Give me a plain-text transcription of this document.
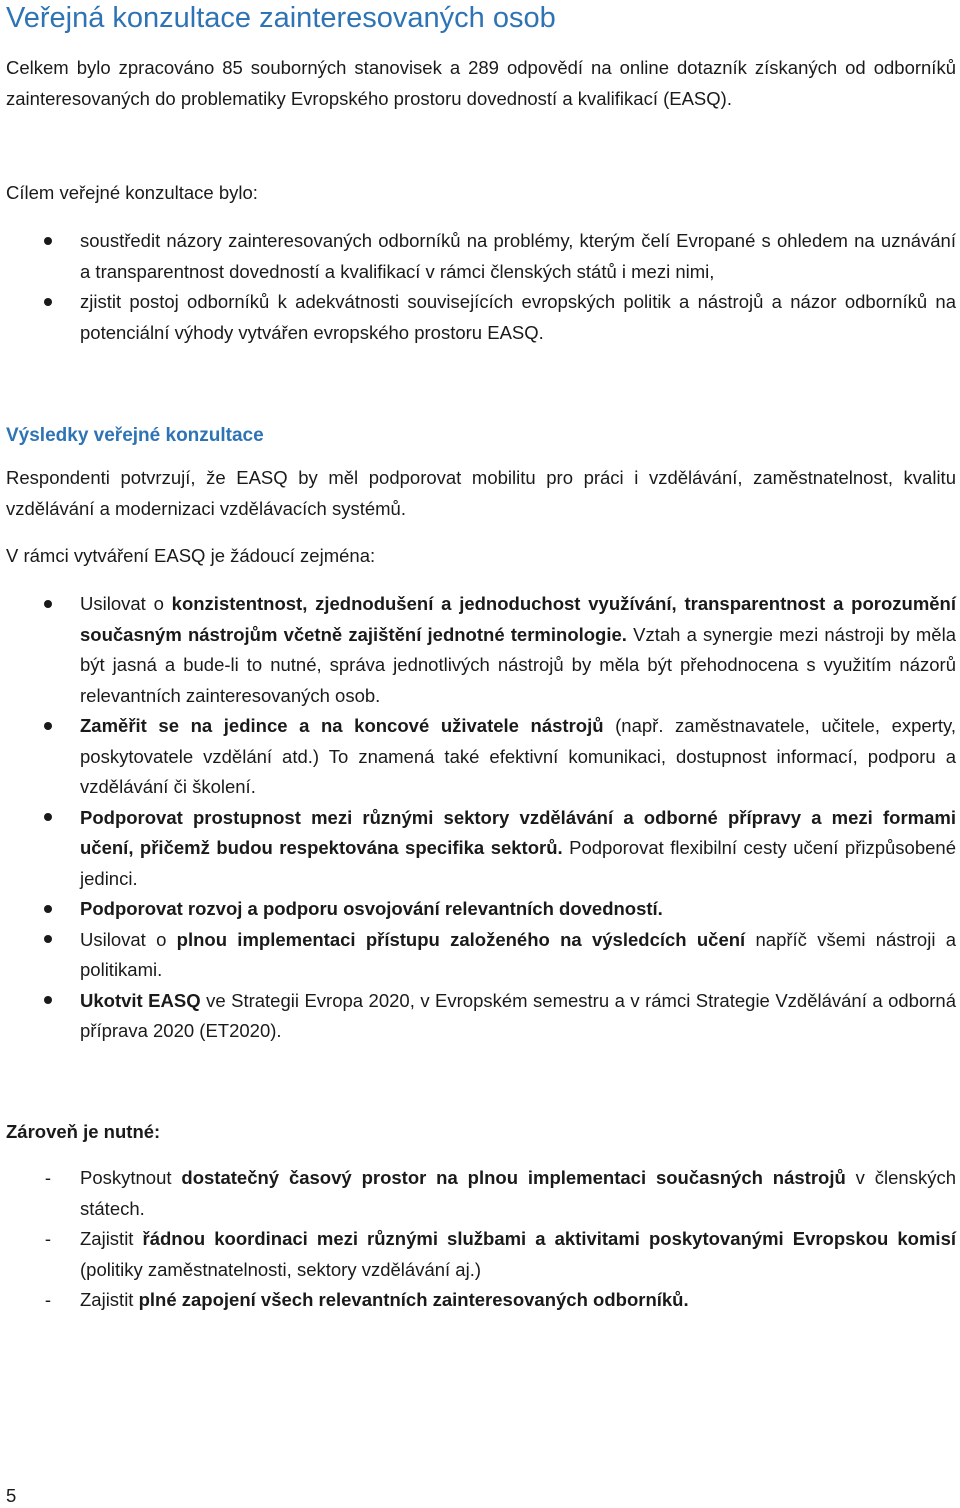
Veřejná konzultace zainteresovaných osob

Celkem bylo zpracováno 85 souborných stanovisek a 289 odpovědí na online dotazník získaných od odborníků zainteresovaných do problematiky Evropského prostoru dovedností a kvalifikací (EASQ).

Cílem veřejné konzultace bylo:

soustředit názory zainteresovaných odborníků na problémy, kterým čelí Evropané s ohledem na uznávání a transparentnost dovedností a kvalifikací v rámci členských států i mezi nimi,
zjistit postoj odborníků k adekvátnosti souvisejících evropských politik a nástrojů a názor odborníků na potenciální výhody vytvářen evropského prostoru EASQ.
Výsledky veřejné konzultace

Respondenti potvrzují, že EASQ by měl podporovat mobilitu pro práci i vzdělávání, zaměstnatelnost, kvalitu vzdělávání a modernizaci vzdělávacích systémů.

V rámci vytváření EASQ je žádoucí zejména:

Usilovat o konzistentnost, zjednodušení a jednoduchost využívání, transparentnost a porozumění současným nástrojům včetně zajištění jednotné terminologie. Vztah a synergie mezi nástroji by měla být jasná a bude-li to nutné, správa jednotlivých nástrojů by měla být přehodnocena s využitím názorů relevantních zainteresovaných osob.
Zaměřit se na jedince a na koncové uživatele nástrojů (např. zaměstnavatele, učitele, experty, poskytovatele vzdělání atd.) To znamená také efektivní komunikaci, dostupnost informací, podporu a vzdělávání či školení.
Podporovat prostupnost mezi různými sektory vzdělávání a odborné přípravy a mezi formami učení, přičemž budou respektována specifika sektorů. Podporovat flexibilní cesty učení přizpůsobené jedinci.
Podporovat rozvoj a podporu osvojování relevantních dovedností.
Usilovat o plnou implementaci přístupu založeného na výsledcích učení napříč všemi nástroji a politikami.
Ukotvit EASQ ve Strategii Evropa 2020, v Evropském semestru a v rámci Strategie Vzdělávání a odborná příprava 2020 (ET2020).

Zároveň je nutné:

-	Poskytnout dostatečný časový prostor na plnou implementaci současných nástrojů v členských státech.
-	Zajistit řádnou koordinaci mezi různými službami a aktivitami poskytovanými Evropskou komisí (politiky zaměstnatelnosti, sektory vzdělávání aj.)
-	Zajistit plné zapojení všech relevantních zainteresovaných odborníků.
5
